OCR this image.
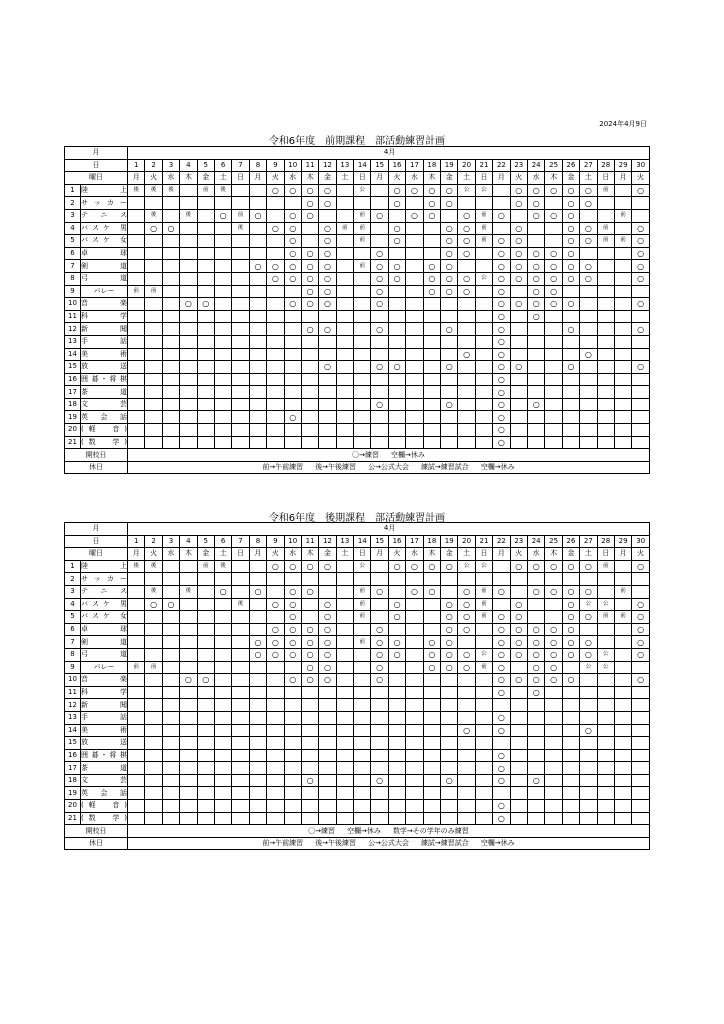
2024年4月9日
令和6年度　前期課程　部活動練習計画
月		4															月														
日		1	2	3	4	5	6	7	8	9	10	11	12	13	14	15	16	17	18	19	20	21	22	23	24	25	26	27	28	29	30
曜日		月	火	水	木	金	土	日	月	火	水	木	金	土	日	月	火	水	木	金	土	日	月	火	水	木	金	土	日	月	火
1	陸　上	後	後	後		前	後			○	○	○	○		公		○	○	○	○	公	公		○	○	○	○	○	前		○
2	サッカー											○	○				○		○	○				○	○		○	○			
3	テニス		後		後		○	前	○		○	○			前	○		○	○		○	前	○		○	○	○			前	
4	バスケ 男		○	○				後		○	○		○	前	前		○			○	○	前		○			○	○	前		○
5	バスケ 女										○		○		前		○			○	○	前	○	○			○	○	前	前	○
6	卓　球										○	○	○			○				○	○		○	○	○	○	○				○
7	剣　道								○	○	○	○	○		前	○	○		○	○			○	○	○	○	○	○			○
8	弓　道									○	○	○	○			○	○		○	○	○	公	○	○	○	○	○	○			○
9	バレー	前	前									○	○			○			○	○	○		○		○	○					
10	音　楽				○	○					○	○	○			○							○	○	○	○	○				○
11	科　学																						○		○						
12	新　聞											○	○			○				○			○				○				○
13	手　話																						○								
14	美　術																				○		○					○			
15	放　送												○			○	○			○			○	○			○				○
16	囲碁･将棋																						○								
17	茶　道																						○								
18	文　芸															○				○			○		○						
19	英 会 話										○												○								
20	(軽　音)																						○								
21	(数　学)																						○								
開校日		〇→練習 空欄→休み																													
休日		前→午前練習 後→午後練習 公→公式大会 練試→練習試合 空欄→休み																													
令和6年度　後期課程　部活動練習計画
月		4															月														
日		1	2	3	4	5	6	7	8	9	10	11	12	13	14	15	16	17	18	19	20	21	22	23	24	25	26	27	28	29	30
曜日		月	火	水	木	金	土	日	月	火	水	木	金	土	日	月	火	水	木	金	土	日	月	火	水	木	金	土	日	月	火
1	陸　上	後	後			前	後			○	○	○	○		公		○	○	○	○	公	公		○	○	○	○	○	前		○
2	サッカー																														
3	テニス		後		後		○		○		○	○			前	○		○	○		○	前	○		○	○	○	○		前	
4	バスケ 男		○	○				後		○	○		○		前		○			○	○	前		○			○	公	公		○
5	バスケ 女										○		○		前		○			○	○	前	○	○			○	○	前	前	○
6	卓　球									○	○	○	○			○				○	○		○	○	○	○	○				○
7	剣　道								○	○	○	○	○		前	○	○		○	○			○	○	○	○	○	○			○
8	弓　道								○	○	○	○	○			○	○		○	○	○	公	○	○	○	○	○	○	公		○
9	バレー	前	前									○	○			○			○	○	○	前	○		○	○		公	公		
10	音　楽				○	○					○	○	○			○							○	○	○	○	○				○
11	科　学																						○		○						
12	新　聞																														
13	手　話																						○								
14	美　術																				○		○					○			
15	放　送																														
16	囲碁･将棋																						○								
17	茶　道																						○								
18	文　芸											○				○				○			○		○						
19	英 会 話																														
20	(軽　音)																						○								
21	(数　学)																						○								
開校日		〇→練習 空欄→休み 数学→その学年のみ練習																													
休日		前→午前練習 後→午後練習 公→公式大会 練試→練習試合 空欄→休み																													
